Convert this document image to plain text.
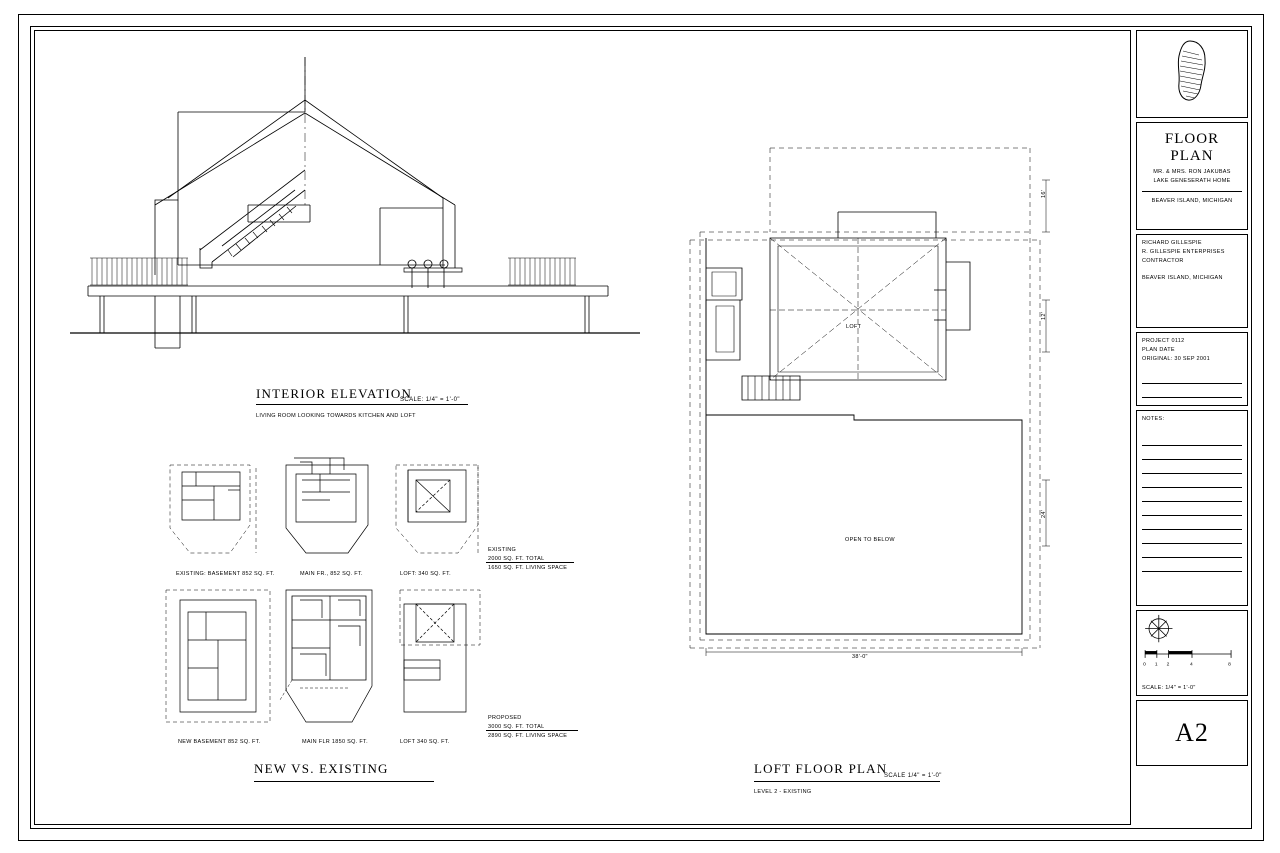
INTERIOR ELEVATION
SCALE: 1/4" = 1'-0"
LIVING ROOM LOOKING TOWARDS KITCHEN AND LOFT
EXISTING: BASEMENT 852 SQ. FT.	MAIN FR., 852 SQ. FT.	LOFT: 340 SQ. FT.
EXISTING
2000 SQ. FT. TOTAL
1650 SQ. FT. LIVING SPACE
NEW BASEMENT 852 SQ. FT.	MAIN FLR 1850 SQ. FT.	LOFT 340 SQ. FT.
PROPOSED
3000 SQ. FT. TOTAL
2890 SQ. FT. LIVING SPACE
NEW VS. EXISTING
LOFT
OPEN TO BELOW
38'-0"
16'
12'
24'
LOFT FLOOR PLAN
SCALE 1/4" = 1'-0"
LEVEL 2 - EXISTING
FLOOR PLAN
MR. & MRS. RON JAKUBAS
LAKE GENESERATH HOME
BEAVER ISLAND, MICHIGAN
RICHARD GILLESPIE
R. GILLESPIE ENTERPRISES
CONTRACTOR
BEAVER ISLAND, MICHIGAN
PROJECT 0112
PLAN DATE
ORIGINAL: 30 SEP 2001
NOTES:
0 1 2	4	8
SCALE: 1/4" = 1'-0"
A2
